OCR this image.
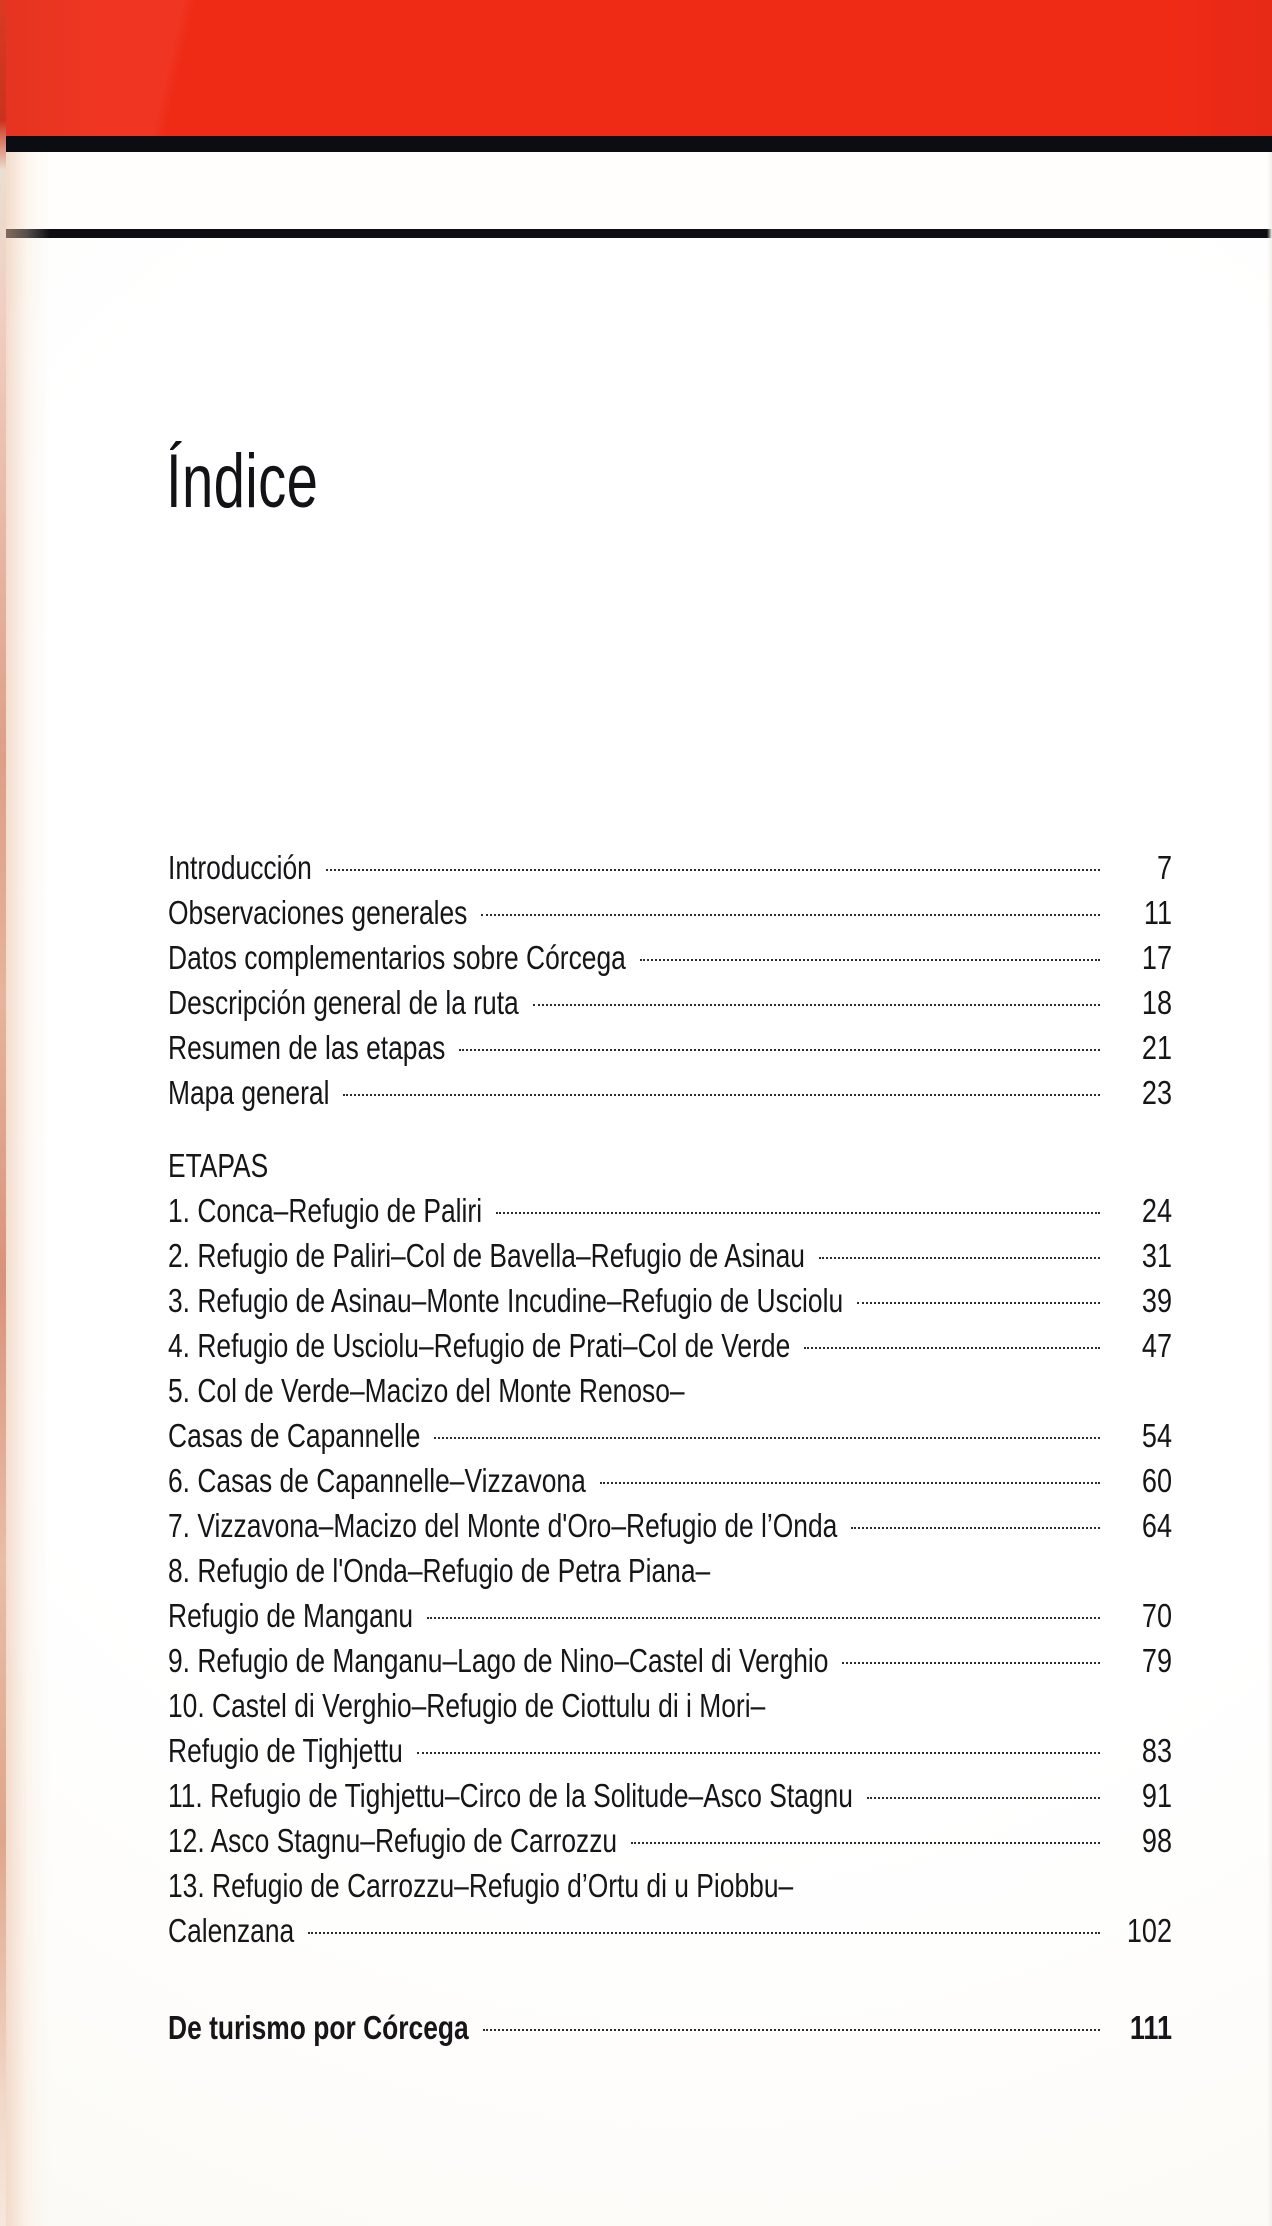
Índice
Introducción	7
Observaciones generales	11
Datos complementarios sobre Córcega	17
Descripción general de la ruta	18
Resumen de las etapas	21
Mapa general	23
ETAPAS
1. Conca–Refugio de Paliri	24
2. Refugio de Paliri–Col de Bavella–Refugio de Asinau	31
3. Refugio de Asinau–Monte Incudine–Refugio de Usciolu	39
4. Refugio de Usciolu–Refugio de Prati–Col de Verde	47
5. Col de Verde–Macizo del Monte Renoso–
Casas de Capannelle	54
6. Casas de Capannelle–Vizzavona	60
7. Vizzavona–Macizo del Monte d'Oro–Refugio de l’Onda	64
8. Refugio de l'Onda–Refugio de Petra Piana–
Refugio de Manganu	70
9. Refugio de Manganu–Lago de Nino–Castel di Verghio	79
10. Castel di Verghio–Refugio de Ciottulu di i Mori–
Refugio de Tighjettu	83
11. Refugio de Tighjettu–Circo de la Solitude–Asco Stagnu	91
12. Asco Stagnu–Refugio de Carrozzu	98
13. Refugio de Carrozzu–Refugio d’Ortu di u Piobbu–
Calenzana	102
De turismo por Córcega	111
